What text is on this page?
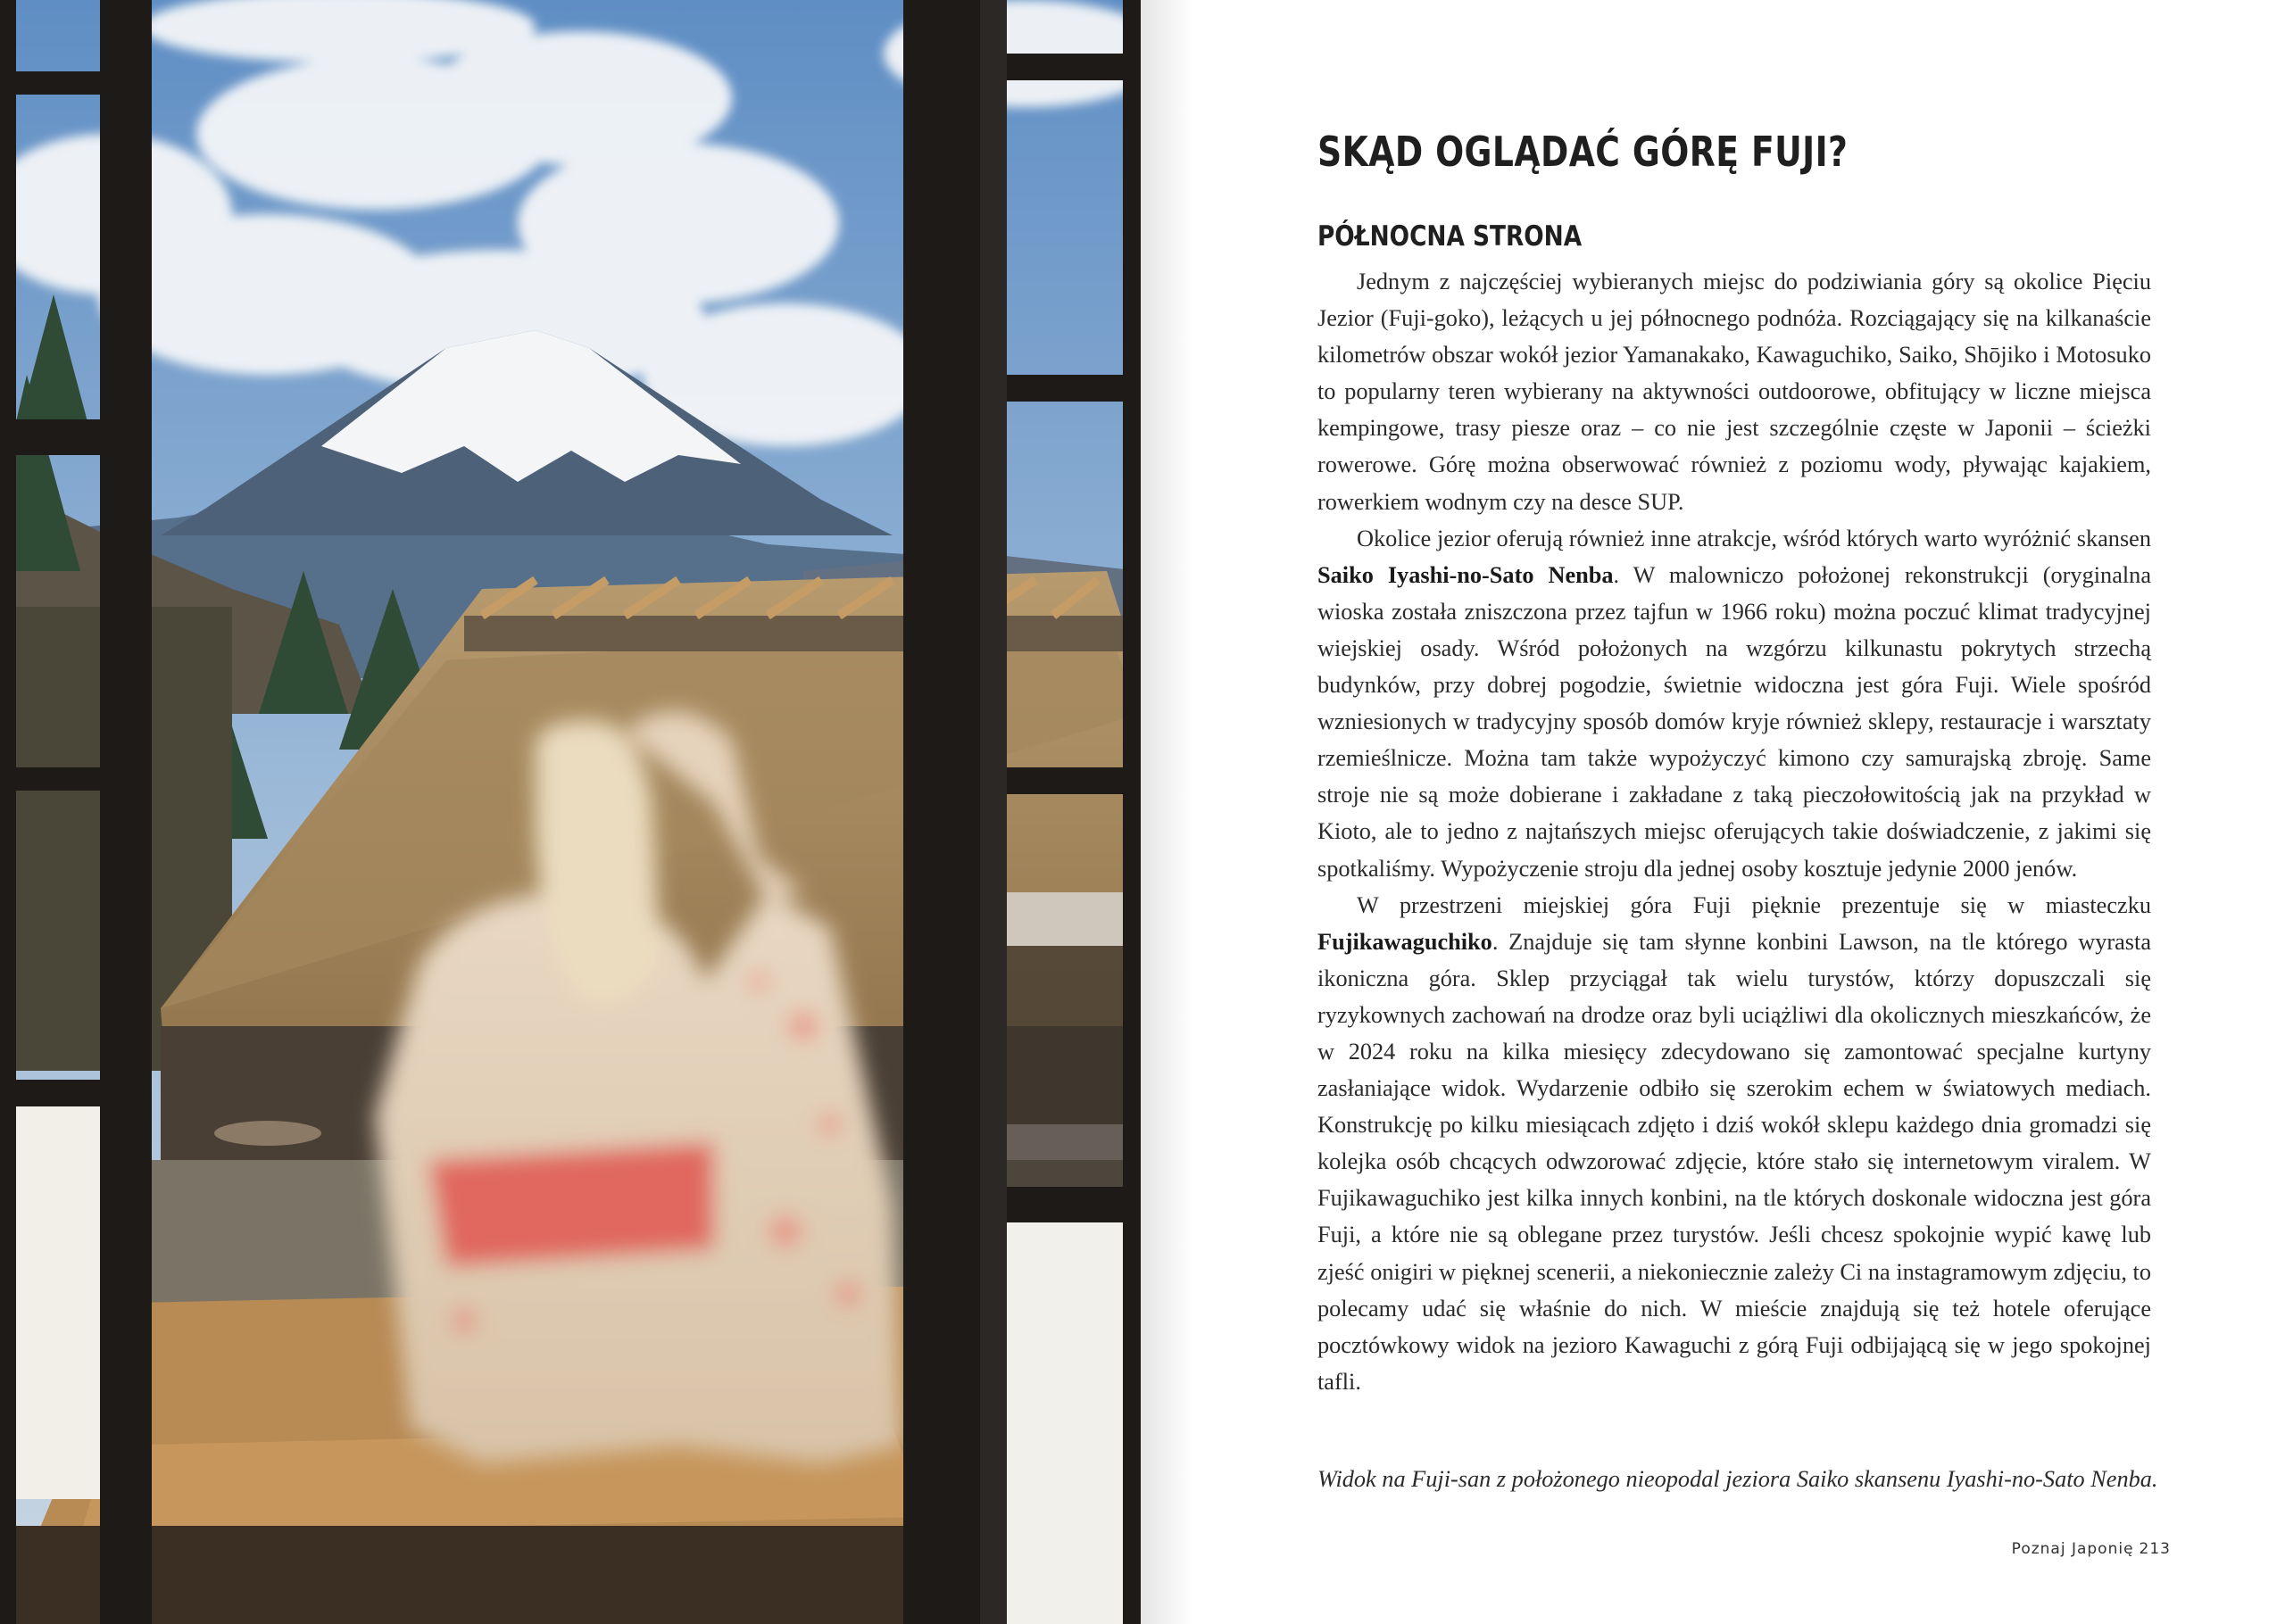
SKĄD OGLĄDAĆ GÓRĘ FUJI?
PÓŁNOCNA STRONA

Jednym z najczęściej wybieranych miejsc do podziwiania góry są okolice Pięciu Jezior (Fuji-goko), leżących u jej północnego podnóża. Rozciągający się na kilkanaście kilometrów obszar wokół jezior Yamanakako, Kawaguchiko, Saiko, Shōjiko i Motosuko to popularny teren wybierany na aktywności outdoorowe, obfitujący w liczne miejsca kempingowe, trasy piesze oraz – co nie jest szczególnie częste w Japonii – ścieżki rowerowe. Górę można obserwować również z poziomu wody, pływając kajakiem, rowerkiem wodnym czy na desce SUP.

Okolice jezior oferują również inne atrakcje, wśród których warto wyróżnić skansen Saiko Iyashi-no-Sato Nenba. W malowniczo położonej rekonstrukcji (oryginalna wioska została zniszczona przez tajfun w 1966 roku) można poczuć klimat tradycyjnej wiejskiej osady. Wśród położonych na wzgórzu kilkunastu pokrytych strzechą budynków, przy dobrej pogodzie, świetnie widoczna jest góra Fuji. Wiele spośród wzniesionych w tradycyjny sposób domów kryje również sklepy, restauracje i warsztaty rzemieślnicze. Można tam także wypożyczyć kimono czy samurajską zbroję. Same stroje nie są może dobierane i zakładane z taką pieczołowitością jak na przykład w Kioto, ale to jedno z najtańszych miejsc oferujących takie doświadczenie, z jakimi się spotkaliśmy. Wypożyczenie stroju dla jednej osoby kosztuje jedynie 2000 jenów.

W przestrzeni miejskiej góra Fuji pięknie prezentuje się w miasteczku Fujikawaguchiko. Znajduje się tam słynne konbini Lawson, na tle którego wyrasta ikoniczna góra. Sklep przyciągał tak wielu turystów, którzy dopuszczali się ryzykownych zachowań na drodze oraz byli uciążliwi dla okolicznych mieszkańców, że w 2024 roku na kilka miesięcy zdecydowano się zamontować specjalne kurtyny zasłaniające widok. Wydarzenie odbiło się szerokim echem w światowych mediach. Konstrukcję po kilku miesiącach zdjęto i dziś wokół sklepu każdego dnia gromadzi się kolejka osób chcących odwzorować zdjęcie, które stało się internetowym viralem. W Fujikawaguchiko jest kilka innych konbini, na tle których doskonale widoczna jest góra Fuji, a które nie są oblegane przez turystów. Jeśli chcesz spokojnie wypić kawę lub zjeść onigiri w pięknej scenerii, a niekoniecznie zależy Ci na instagramowym zdjęciu, to polecamy udać się właśnie do nich. W mieście znajdują się też hotele oferujące pocztówkowy widok na jezioro Kawaguchi z górą Fuji odbijającą się w jego spokojnej tafli.

Widok na Fuji-san z położonego nieopodal jeziora Saiko skansenu Iyashi-no-Sato Nenba.

Poznaj Japonię 213
